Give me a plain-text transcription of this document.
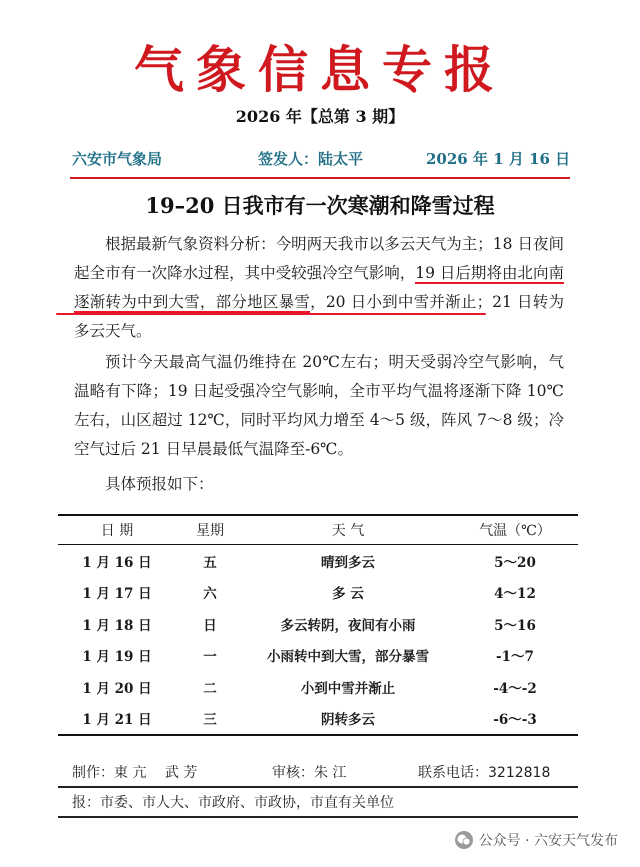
气象信息专报
2026 年【总第 3 期】
六安市气象局	签发人：陆太平	2026 年 1 月 16 日
19–20 日我市有一次寒潮和降雪过程

根据最新气象资料分析：今明两天我市以多云天气为主；18 日夜间起全市有一次降水过程，其中受较强冷空气影响，19 日后期将由北向南逐渐转为中到大雪，部分地区暴雪，20 日小到中雪并渐止；21 日转为多云天气。

预计今天最高气温仍维持在 20℃左右；明天受弱冷空气影响，气温略有下降；19 日起受强冷空气影响，全市平均气温将逐渐下降 10℃左右，山区超过 12℃，同时平均风力增至 4～5 级，阵风 7～8 级；冷空气过后 21 日早晨最低气温降至-6℃。

具体预报如下：

日 期	星期	天 气	气温（℃）
1 月 16 日	五	晴到多云	5～20
1 月 17 日	六	多 云	4～12
1 月 18 日	日	多云转阴，夜间有小雨	5～16
1 月 19 日	一	小雨转中到大雪，部分暴雪	-1～7
1 月 20 日	二	小到中雪并渐止	-4～-2
1 月 21 日	三	阴转多云	-6～-3
制作：東 亢　 武 芳	审核：朱 江	联系电话：3212818
报：市委、市人大、市政府、市政协，市直有关单位
公众号 · 六安天气发布
